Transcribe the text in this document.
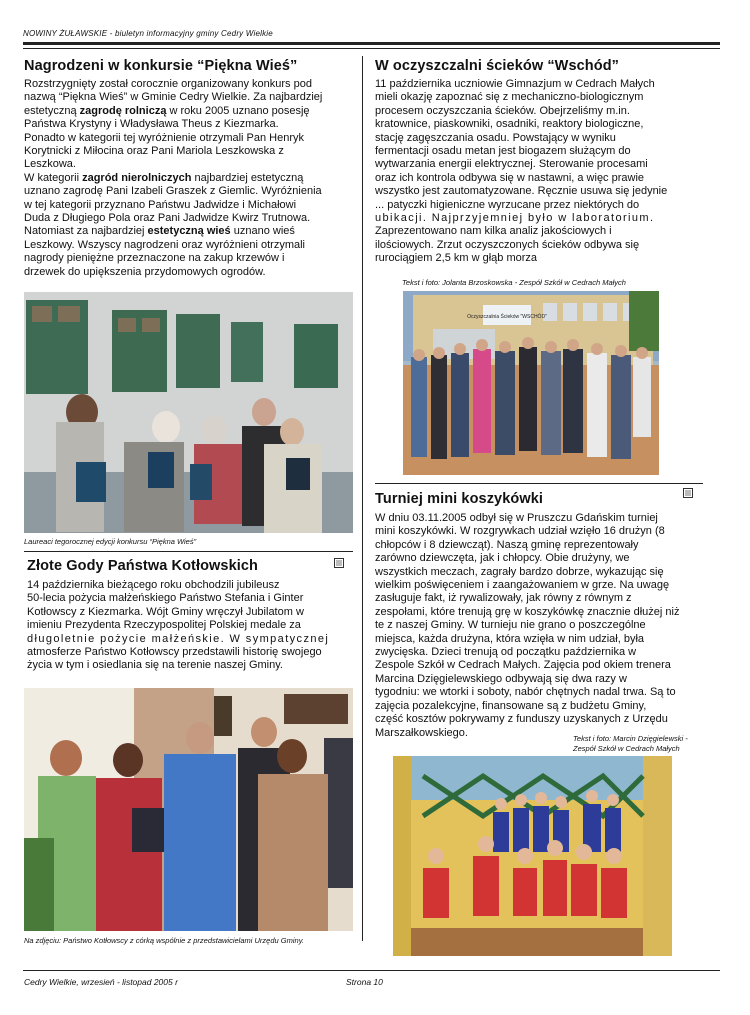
NOWINY ŻUŁAWSKIE - biuletyn informacyjny gminy Cedry Wielkie
Nagrodzeni w konkursie “Piękna Wieś”

Rozstrzygnięty został corocznie organizowany konkurs pod

nazwą “Piękna Wieś” w Gminie Cedry Wielkie. Za najbardziej

estetyczną zagrodę rolniczą w roku 2005 uznano posesję

Państwa Krystyny i Władysława Theus z Kiezmarka.

Ponadto w kategorii tej wyróżnienie otrzymali Pan Henryk

Korytnicki z Miłocina oraz Pani Mariola Leszkowska z

Leszkowa.

W kategorii zagród nierolniczych najbardziej estetyczną

uznano zagrodę Pani Izabeli Graszek z Giemlic. Wyróżnienia

w tej kategorii przyznano Państwu Jadwidze i Michałowi

Duda z Długiego Pola oraz Pani Jadwidze Kwirz Trutnowa.

Natomiast za najbardziej estetyczną wieś uznano wieś

Leszkowy. Wszyscy nagrodzeni oraz wyróżnieni otrzymali

nagrody pieniężne przeznaczone na zakup krzewów i

drzewek do upiększenia przydomowych ogrodów.

Laureaci tegorocznej edycji konkursu “Piękna Wieś”
Złote Gody Państwa Kotłowskich

14 października bieżącego roku obchodzili jubileusz

50-lecia pożycia małżeńskiego Państwo Stefania i Ginter

Kotłowscy z Kiezmarka. Wójt Gminy wręczył Jubilatom w

imieniu Prezydenta Rzeczypospolitej Polskiej medale za

długoletnie pożycie małżeńskie. W sympatycznej

atmosferze Państwo Kotłowscy przedstawili historię swojego

życia w tym i osiedlania się na terenie naszej Gminy.

Na zdjęciu: Państwo Kotłowscy z córką wspólnie z przedstawicielami Urzędu Gminy.
W oczyszczalni ścieków “Wschód”

11 października uczniowie Gimnazjum w Cedrach Małych

mieli okazję zapoznać się z mechaniczno-biologicznym

procesem oczyszczania ścieków. Obejrzeliśmy m.in.

kratownice, piaskowniki, osadniki, reaktory biologiczne,

stację zagęszczania osadu. Powstający w wyniku

fermentacji osadu metan jest biogazem służącym do

wytwarzania energii elektrycznej. Sterowanie procesami

oraz ich kontrola odbywa się w nastawni, a więc prawie

wszystko jest zautomatyzowane. Ręcznie usuwa się jedynie

... patyczki higieniczne wyrzucane przez niektórych do

ubikacji. Najprzyjemniej było w laboratorium.

Zaprezentowano nam kilka analiz jakościowych i

ilościowych. Zrzut oczyszczonych ścieków odbywa się

rurociągiem 2,5 km w głąb morza

Tekst i foto: Jolanta Brzoskowska - Zespół Szkół w Cedrach Małych
Oczyszczalnia Ścieków "WSCHÓD"
Turniej mini koszykówki

W dniu 03.11.2005 odbył się w Pruszczu Gdańskim turniej

mini koszykówki. W rozgrywkach udział wzięło 16 drużyn (8

chłopców i 8 dziewcząt). Naszą gminę reprezentowały

zarówno dziewczęta, jak i chłopcy. Obie drużyny, we

wszystkich meczach, zagrały bardzo dobrze, wykazując się

wielkim poświęceniem i zaangażowaniem w grze. Na uwagę

zasługuje fakt, iż rywalizowały, jak równy z równym z

zespołami, które trenują grę w koszykówkę znacznie dłużej niż

te z naszej Gminy. W turnieju nie grano o poszczególne

miejsca, każda drużyna, która wzięła w nim udział, była

zwycięska. Dzieci trenują od początku października w

Zespole Szkół w Cedrach Małych. Zajęcia pod okiem trenera

Marcina Dzięgielewskiego odbywają się dwa razy w

tygodniu: we wtorki i soboty, nabór chętnych nadal trwa. Są to

zajęcia pozalekcyjne, finansowane są z budżetu Gminy,

część kosztów pokrywamy z funduszy uzyskanych z Urzędu

Marszałkowskiego.	Tekst i foto: Marcin Dzięgielewski -
Zespół Szkół w Cedrach Małych
Cedry Wielkie, wrzesień - listopad 2005 r	Strona 10
